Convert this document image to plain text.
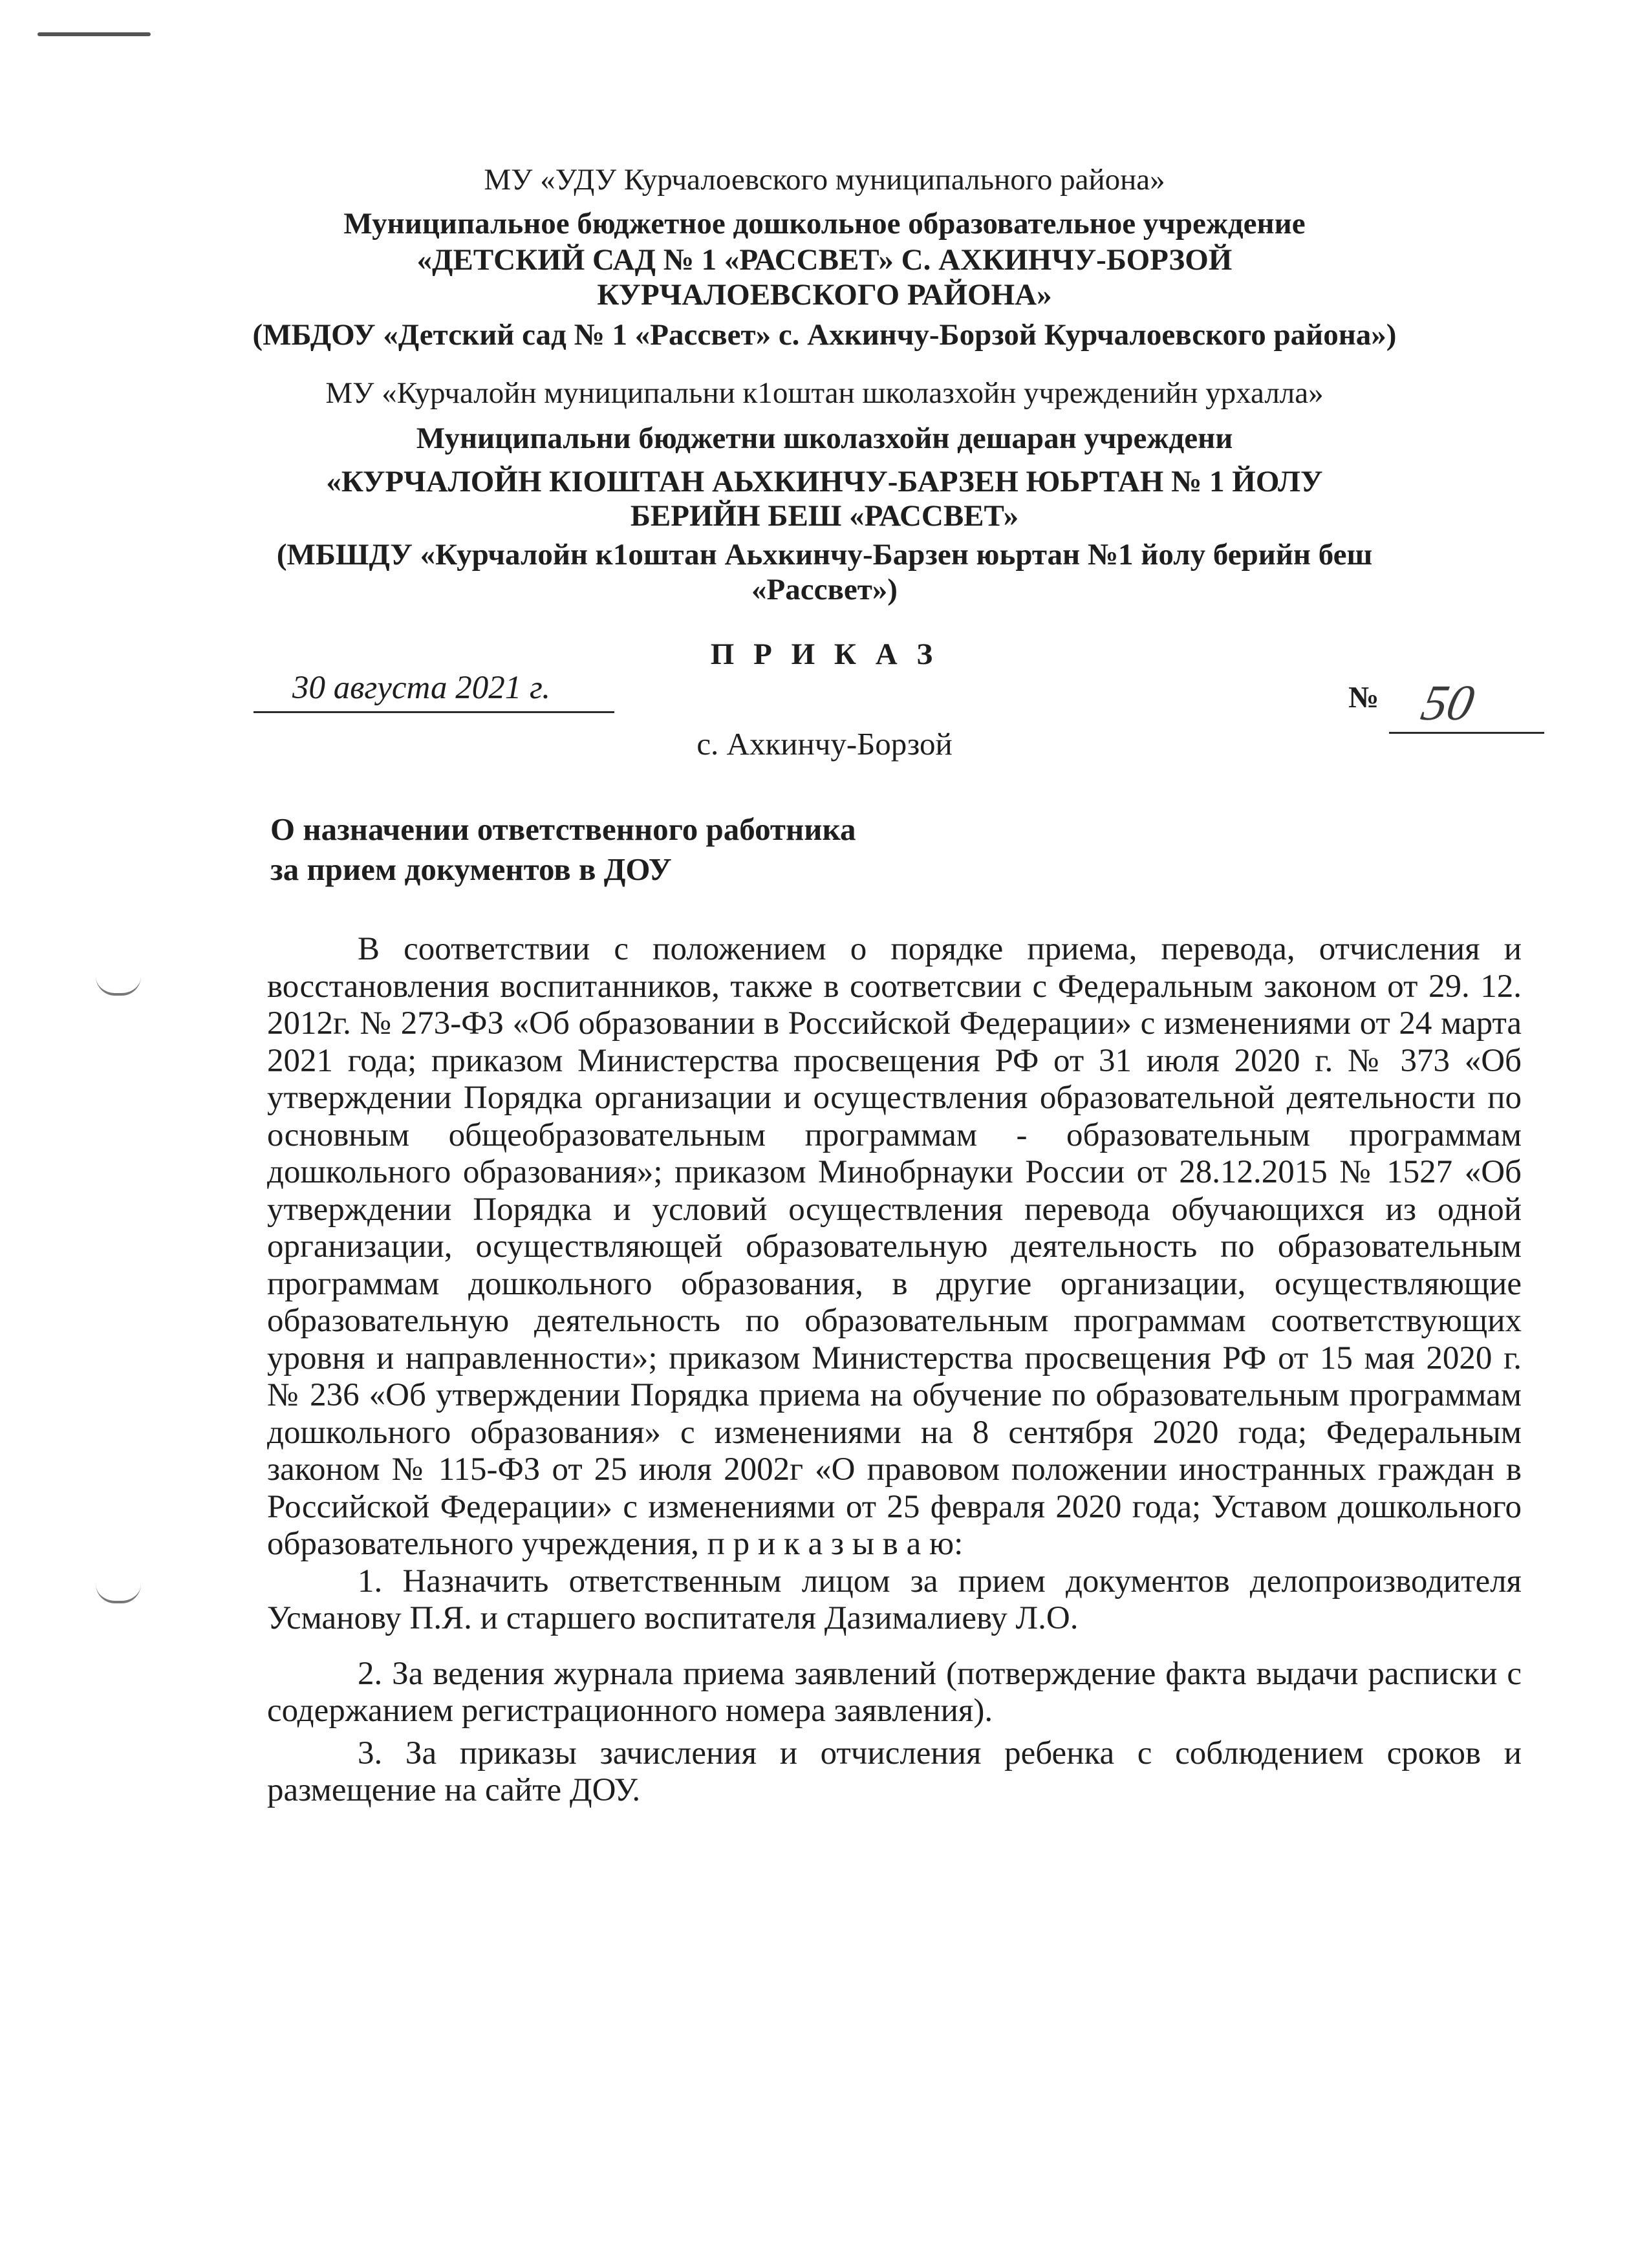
МУ «УДУ Курчалоевского муниципального района»
Муниципальное бюджетное дошкольное образовательное учреждение
«ДЕТСКИЙ САД № 1 «РАССВЕТ» С. АХКИНЧУ-БОРЗОЙ
КУРЧАЛОЕВСКОГО РАЙОНА»
(МБДОУ «Детский сад № 1 «Рассвет» с. Ахкинчу-Борзой Курчалоевского района»)
МУ «Курчалойн муниципальни к1оштан школазхойн учрежденийн урхалла»
Муниципальни бюджетни школазхойн дешаран учреждени
«КУРЧАЛОЙН КIОШТАН АЬХКИНЧУ-БАРЗЕН ЮЬРТАН № 1 ЙОЛУ
БЕРИЙН БЕШ «РАССВЕТ»
(МБШДУ «Курчалойн к1оштан Аьхкинчу-Барзен юьртан №1 йолу берийн беш
«Рассвет»)
П Р И К А З
30 августа 2021 г.	№ 50
с. Ахкинчу-Борзой
О назначении ответственного работника
за прием документов в ДОУ

В соответствии с положением о порядке приема, перевода, отчисления и восстановления воспитанников, также в соответсвии с Федеральным законом от 29. 12. 2012г. № 273-ФЗ «Об образовании в Российской Федерации» с изменениями от 24 марта 2021 года; приказом Министерства просвещения РФ от 31 июля 2020 г. № 373 «Об утверждении Порядка организации и осуществления образовательной деятельности по основным общеобразовательным программам - образовательным программам дошкольного образования»; приказом Минобрнауки России от 28.12.2015 № 1527 «Об утверждении Порядка и условий осуществления перевода обучающихся из одной организации, осуществляющей образовательную деятельность по образовательным программам дошкольного образования, в другие организации, осуществляющие образовательную деятельность по образовательным программам соответствующих уровня и направленности»; приказом Министерства просвещения РФ от 15 мая 2020 г. № 236 «Об утверждении Порядка приема на обучение по образовательным программам дошкольного образования» с изменениями на 8 сентября 2020 года; Федеральным законом № 115-ФЗ от 25 июля 2002г «О правовом положении иностранных граждан в Российской Федерации» с изменениями от 25 февраля 2020 года; Уставом дошкольного образовательного учреждения, п р и к а з ы в а ю:

1. Назначить ответственным лицом за прием документов делопроизводителя Усманову П.Я. и старшего воспитателя Дазималиеву Л.О.

2. За ведения журнала приема заявлений (потверждение факта выдачи расписки с содержанием регистрационного номера заявления).

3. За приказы зачисления и отчисления ребенка с соблюдением сроков и размещение на сайте ДОУ.
